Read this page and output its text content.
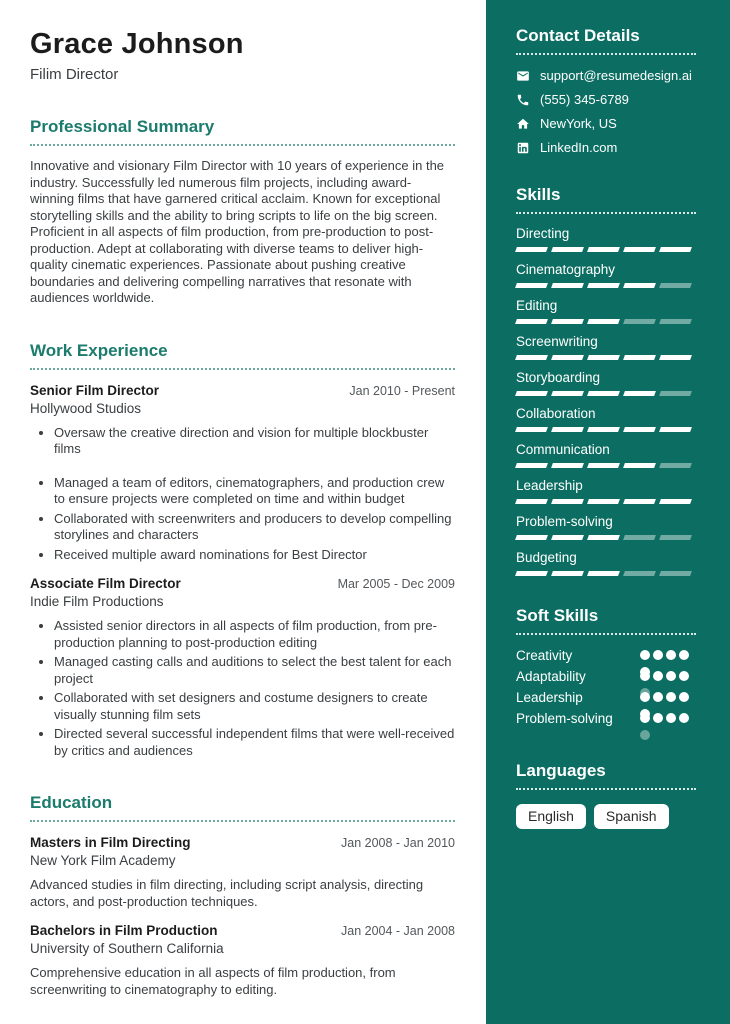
Grace Johnson
Filim Director
Professional Summary
Innovative and visionary Film Director with 10 years of experience in the industry. Successfully led numerous film projects, including award-winning films that have garnered critical acclaim. Known for exceptional storytelling skills and the ability to bring scripts to life on the big screen. Proficient in all aspects of film production, from pre-production to post-production. Adept at collaborating with diverse teams to deliver high-quality cinematic experiences. Passionate about pushing creative boundaries and delivering compelling narratives that resonate with audiences worldwide.
Work Experience
Senior Film Director	Jan 2010 - Present
Hollywood Studios
• Oversaw the creative direction and vision for multiple blockbuster films
• Managed a team of editors, cinematographers, and production crew to ensure projects were completed on time and within budget
• Collaborated with screenwriters and producers to develop compelling storylines and characters
• Received multiple award nominations for Best Director
Associate Film Director	Mar 2005 - Dec 2009
Indie Film Productions
• Assisted senior directors in all aspects of film production, from pre-production planning to post-production editing
• Managed casting calls and auditions to select the best talent for each project
• Collaborated with set designers and costume designers to create visually stunning film sets
• Directed several successful independent films that were well-received by critics and audiences
Education
Masters in Film Directing	Jan 2008 - Jan 2010
New York Film Academy
Advanced studies in film directing, including script analysis, directing actors, and post-production techniques.
Bachelors in Film Production	Jan 2004 - Jan 2008
University of Southern California
Comprehensive education in all aspects of film production, from screenwriting to cinematography to editing.
Contact Details
support@resumedesign.ai
(555) 345-6789
NewYork, US
LinkedIn.com
Skills
Directing
Cinematography
Editing
Screenwriting
Storyboarding
Collaboration
Communication
Leadership
Problem-solving
Budgeting
Soft Skills
Creativity
Adaptability
Leadership
Problem-solving
Languages
English	Spanish
